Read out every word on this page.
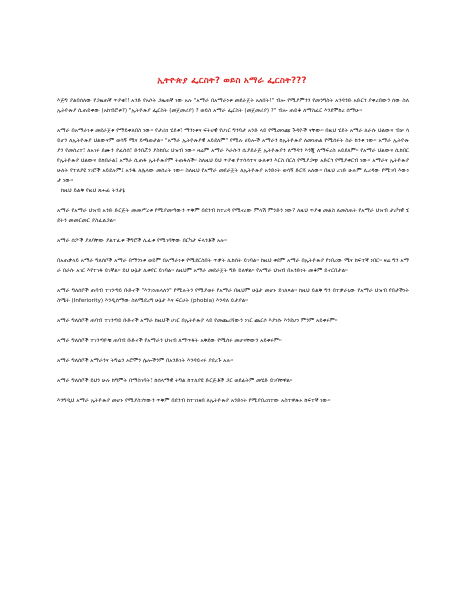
ኢትዮጵያ ፌርስት? ወይስ አማራ ፌርስት???

እጅግ ያልበሰለው የጋዜጠኛ ጥያቄ!! አንድ የአሶት ጋዜጠኛ ነው አሉ "አማራ በአማራነቱ መደራጀት አለበት!" ብሎ የሚያምንን የመንግስት አንዳንድ አድርጎ ያቀረበውን ሰው ስለ ኢትዮጵያ ሲጠይቀው (አከብሮቱ?) "ኢትዮጵያ ፌርስት (መጀመሪያ) ? ወይስ አማራ ፌርስት (መጀመሪያ) ?" ብሎ ጠይቆ ለማስፈር እንደሞከረ ሰማሁ።

አማራ በአማራነቱ መደራጀቱ የማይቀለበስ ነው። የታሪክ ሂደቱ፣ ማንነቱና ፍትሀዊ የሀገር ግንባታ አንድ ላይ የሚመነጩ ጉዳዮች ናቸው። በዚህ ሂደት አማራ ለራሱ ህልውና ብቻ ሳይሆን ለኢትዮጵያ ህልውናም ወሳኝ ሚና ይጫወታል። "አማራ ኢትዮጵያዊ አይደለም" የሚሉ ሀይሎች አማራን ከኢትዮጵያ ለመነጠል የሚሰሩት ስራ ከንቱ ነው። አማራ ኢትዮጵያን የመሰረተ፣ ለአገሩ ደሙን ያፈሰሰ፣ ድንበሯን ያስከበረ ህዝብ ነው። ዛሬም አማራ እራሱን ሲያደራጅ ኢትዮጵያን ለማዳን እንጂ ለማፍረስ አይደለም። የአማራ ህልውና ሲከበር የኢትዮጵያ ህልውና ይከበራል፤ አማራ ሲጠፋ ኢትዮጵያም ትጠፋለች። ስለዚህ ይህ ጥያቄ የተሳሳተና ሁለቱን እርስ በርስ የሚያጋጭ አድርጎ የሚያቀርብ ነው። አማራና ኢትዮጵያ ሁለት የተለያዩ ነገሮች አይደሉም፤ አንዱ ለሌላው መሰረት ነው። ስለዚህ የአማራ መደራጀት ለኢትዮጵያ አንድነት ወሳኝ ድርሻ አለው። በዚህ ረገድ ሁሉም ሊረዳው የሚገባ እውነታ ነው።

ከዚህ ይልቅ የዚህ ጸሐፊ ትንታኔ

አማራ የአማራ ህዝብ አንድ ድርጅት መመሥረቱ የሚያመጣውን ጥቅም በደንብ ከተረዳ የሚኖረው ምላሽ ምንድን ነው? ለዚህ ጥያቄ መልስ ለመስጠት የአማራ ህዝብ ታሪካዊ ሂደትን መመርመር ያስፈልጋል።

አማራ ሰፖች ያለባቸው ያልተፈቱ ችግሮች ሊፈቱ የሚገባቸው በርካታ ፍላጎቶች አሉ።

በአጠቃላይ አማራ ግለሰቦች አማራ በማንነቱ ወይም በአማራነቱ የሚደርስበት ጥቃት ሊከሰት ይገባል። ከዚህ ቀደም አማራ በኢትዮጵያ የነበረው ሚና ከፍተኛ ነበር። ዛሬ ግን አማራ በራሱ አገር እየተገፋ ይገኛል። ይህ ሁኔታ ሊቀየር ይገባል። ለዚህም አማራ መደራጀት ግድ ይለዋል። የአማራ ህዝብ በአንድነት መቆም ይኖርበታል።

አማራ ግለሰቦች ጠባብ ተገንጣይ ቡድኖች "እንገነጠላለን" የሚሉትን የሚያወሩ የአማራ በዚህም ሁኔታ መሆኑ ይገለጻል። ከዚህ ይልቅ ግን በተቃራኒው የአማራ ህዝብ የበታችነት ስሜት (Inferiority) እንዲሰማው ስለሚደረግ ሁኔታ እና ፍርሀት (phobia) እንዳለ ይታያል።

አማራ ግለሰቦች ጠባብ ተገንጣይ ቡድኖች አማራ ከዚህች ሀገር በኢትዮጵያ ላይ የመጨረሻውን ነገር ጨርሶ እያነሱ እንደሆነ ምንም አይቀሩም።

አማራ ግለሰቦች ተገንጣዮቹ ጠባብ ቡድኖች የአማራን ህዝብ ለማጥፋት አቅደው የሚሰሩ መሆናቸውን አይቀሩም።

አማራ ግለሰቦች አማራንና ትግሬን ኦሮሞን ሌሎችንም በአንድነት እንዳይኖሩ ያደረጉ አሉ።

አማራ ግለሰቦች ይህን ሁሉ ከግምት በማስገባት፣ ከሰላማዊ ትግል ከተለያዩ ድርጅቶች ጋር ወደፊትም መሄድ ይገባቸዋል።

እንግዲህ አማራ ኢትዮጵያ መሆኑ የሚያስገኘውን ጥቅም በደንብ ከተገነዘበ ለኢትዮጵያ አንድነት የሚያበረክተው አስተዋጽኦ ከፍተኛ ነው።
